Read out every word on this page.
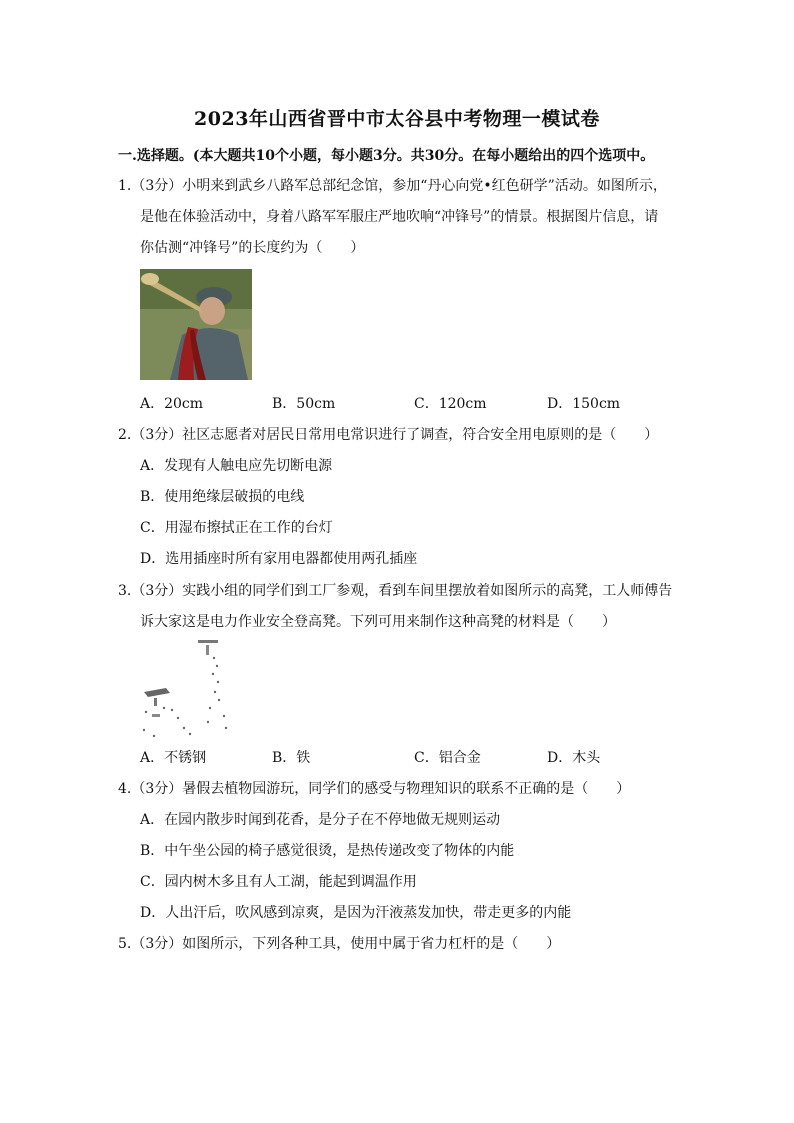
2023年山西省晋中市太谷县中考物理一模试卷
一.选择题。(本大题共10个小题，每小题3分。共30分。在每小题给出的四个选项中。
1.（3分）小明来到武乡八路军总部纪念馆，参加“丹心向党•红色研学”活动。如图所示，
是他在体验活动中，身着八路军军服庄严地吹响“冲锋号”的情景。根据图片信息，请
你估测“冲锋号”的长度约为（　　）
A．20cm	B．50cm	C．120cm	D．150cm
2.（3分）社区志愿者对居民日常用电常识进行了调查，符合安全用电原则的是（　　）
A．发现有人触电应先切断电源
B．使用绝缘层破损的电线
C．用湿布擦拭正在工作的台灯
D．选用插座时所有家用电器都使用两孔插座
3.（3分）实践小组的同学们到工厂参观，看到车间里摆放着如图所示的高凳，工人师傅告
诉大家这是电力作业安全登高凳。下列可用来制作这种高凳的材料是（　　）
A．不锈钢	B．铁	C．铝合金	D．木头
4.（3分）暑假去植物园游玩，同学们的感受与物理知识的联系不正确的是（　　）
A．在园内散步时闻到花香，是分子在不停地做无规则运动
B．中午坐公园的椅子感觉很烫，是热传递改变了物体的内能
C．园内树木多且有人工湖，能起到调温作用
D．人出汗后，吹风感到凉爽，是因为汗液蒸发加快，带走更多的内能
5.（3分）如图所示，下列各种工具，使用中属于省力杠杆的是（　　）
